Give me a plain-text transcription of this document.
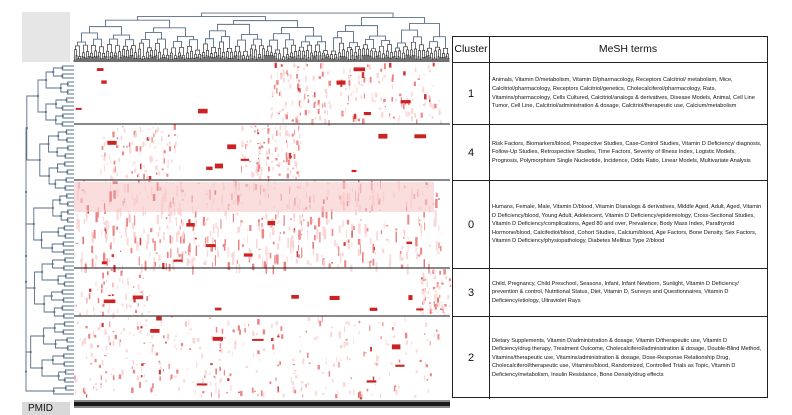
PMID
Cluster	MeSH terms
1
Animals, Vitamin D/metabolism, Vitamin D/pharmacology, Receptors Calcitriol/ metabolism, Mice, Calcitriol/pharmacology, Receptors Calcitriol/genetics, Cholecalciferol/pharmacology, Rats, Vitamins/pharmacology, Cells Cultured, Calcitriol/analogs & derivatives, Disease Models, Animal, Cell Line Tumor, Cell Line, Calcitriol/administration & dosage, Calcitriol/therapeutic use, Calcium/metabolism
4
Risk Factors, Biomarkers/blood, Prospective Studies, Case-Control Studies, Vitamin D Deficiency/ diagnosis, Follow-Up Studies, Retrospective Studies, Time Factors, Severity of Illness Index, Logistic Models, Prognosis, Polymorphism Single Nucleotide, Incidence, Odds Ratio, Linear Models, Multivariate Analysis
0
Humans, Female, Male, Vitamin D/blood, Vitamin D/analogs & derivatives, Middle Aged, Adult, Aged, Vitamin D Deficiency/blood, Young Adult, Adolescent, Vitamin D Deficiency/epidemiology, Cross-Sectional Studies, Vitamin D Deficiency/complications, Aged 80 and over, Prevalence, Body Mass Index, Parathyroid Hormone/blood, Calcifediol/blood, Cohort Studies, Calcium/blood, Age Factors, Bone Density, Sex Factors, Vitamin D Deficiency/physiopathology, Diabetes Mellitus Type 2/blood
3
Child, Pregnancy, Child Preschool, Seasons, Infant, Infant Newborn, Sunlight, Vitamin D Deficiency/ prevention & control, Nutritional Status, Diet, Vitamin D, Surveys and Questionnaires, Vitamin D Deficiency/etiology, Ultraviolet Rays
2
Dietary Supplements, Vitamin D/administration & dosage, Vitamin D/therapeutic use, Vitamin D Deficiency/drug therapy, Treatment Outcome, Cholecalciferol/administration & dosage, Double-Blind Method, Vitamins/therapeutic use, Vitamins/administration & dosage, Dose-Response Relationship Drug, Cholecalciferol/therapeutic use, Vitamins/blood, Randomized, Controlled Trials as Topic, Vitamin D Deficiency/metabolism, Insulin Resistance, Bone Density/drug effects
